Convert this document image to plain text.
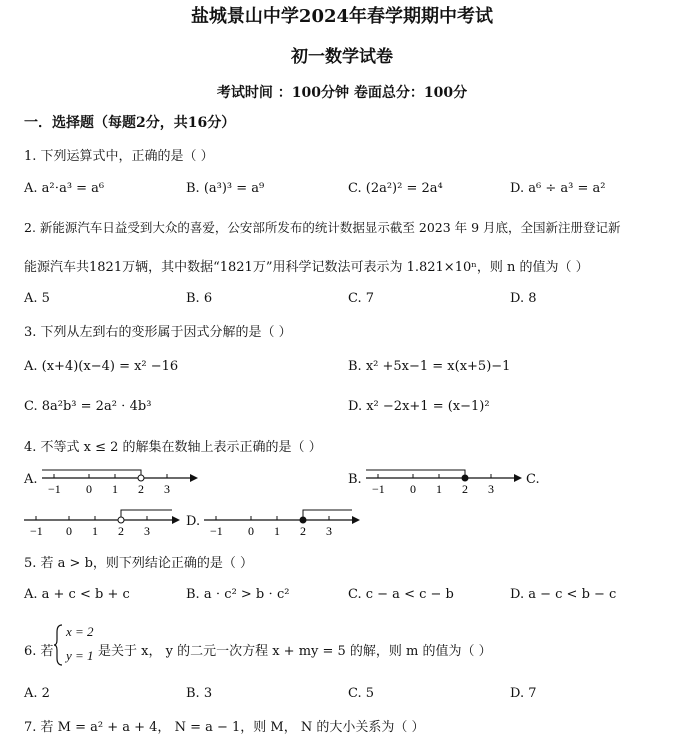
盐城景山中学2024年春学期期中考试
初一数学试卷
考试时间 ：100分钟 卷面总分：100分
一．选择题（每题2分，共16分）
1. 下列运算式中，正确的是（ ）
A. a²⋅a³ = a⁶	B. (a³)³ = a⁹	C. (2a²)² = 2a⁴	D. a⁶ ÷ a³ = a²
2. 新能源汽车日益受到大众的喜爱，公安部所发布的统计数据显示截至 2023 年 9 月底，全国新注册登记新
能源汽车共1821万辆，其中数据“1821万”用科学记数法可表示为 1.821×10ⁿ，则 n 的值为（ ）
A. 5	B. 6	C. 7	D. 8
3. 下列从左到右的变形属于因式分解的是（ ）
A. (x+4)(x−4) = x² −16	B. x² +5x−1 = x(x+5)−1
C. 8a²b³ = 2a² ⋅ 4b³	D. x² −2x+1 = (x−1)²
4. 不等式 x ≤ 2 的解集在数轴上表示正确的是（ ）
A.
−1 0 1 2 3
B.
−1 0 1 2 3
C.
−1 0 1 2 3
D.
−1 0 1 2 3
5. 若 a > b，则下列结论正确的是（ ）
A. a + c < b + c	B. a ⋅ c² > b ⋅ c²	C. c − a < c − b	D. a − c < b − c
6. 若
x = 2
y = 1 是关于 x， y 的二元一次方程 x + my = 5 的解，则 m 的值为（ ）
A. 2	B. 3	C. 5	D. 7
7. 若 M = a² + a + 4， N = a − 1，则 M， N 的大小关系为（ ）
